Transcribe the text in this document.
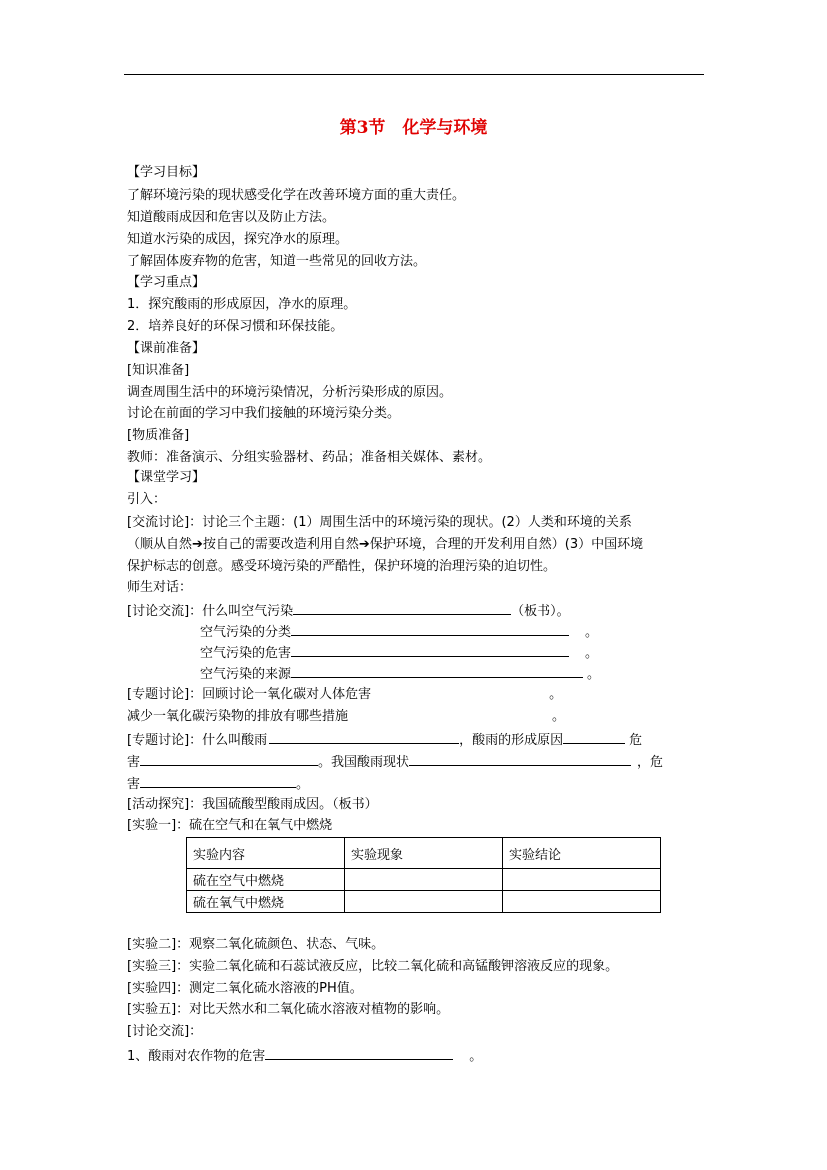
第3节　化学与环境
【学习目标】
了解环境污染的现状感受化学在改善环境方面的重大责任。
知道酸雨成因和危害以及防止方法。
知道水污染的成因，探究净水的原理。
了解固体废弃物的危害，知道一些常见的回收方法。
【学习重点】
1．探究酸雨的形成原因，净水的原理。
2．培养良好的环保习惯和环保技能。
【课前准备】
[知识准备]
调查周围生活中的环境污染情况，分析污染形成的原因。
讨论在前面的学习中我们接触的环境污染分类。
[物质准备]
教师：准备演示、分组实验器材、药品；准备相关媒体、素材。
【课堂学习】
引入：
[交流讨论]：讨论三个主题：(1）周围生活中的环境污染的现状。(2）人类和环境的关系
（顺从自然➔按自己的需要改造利用自然➔保护环境，合理的开发利用自然）(3）中国环境
保护标志的创意。感受环境污染的严酷性，保护环境的治理污染的迫切性。
师生对话：
[讨论交流]：什么叫空气污染	（板书）。
空气污染的分类	。
空气污染的危害	。
空气污染的来源	。
[专题讨论]：回顾讨论一氧化碳对人体危害	。
减少一氧化碳污染物的排放有哪些措施	。
[专题讨论]：什么叫酸雨	，酸雨的形成原因	危
害	。我国酸雨现状	，危
害	。
[活动探究]：我国硫酸型酸雨成因。（板书）
[实验一]：硫在空气和在氧气中燃烧
实验内容	实验现象	实验结论
硫在空气中燃烧		
硫在氧气中燃烧		
[实验二]：观察二氧化硫颜色、状态、气味。
[实验三]：实验二氧化硫和石蕊试液反应，比较二氧化硫和高锰酸钾溶液反应的现象。
[实验四]：测定二氧化硫水溶液的PH值。
[实验五]：对比天然水和二氧化硫水溶液对植物的影响。
[讨论交流]：
1、酸雨对农作物的危害	。
